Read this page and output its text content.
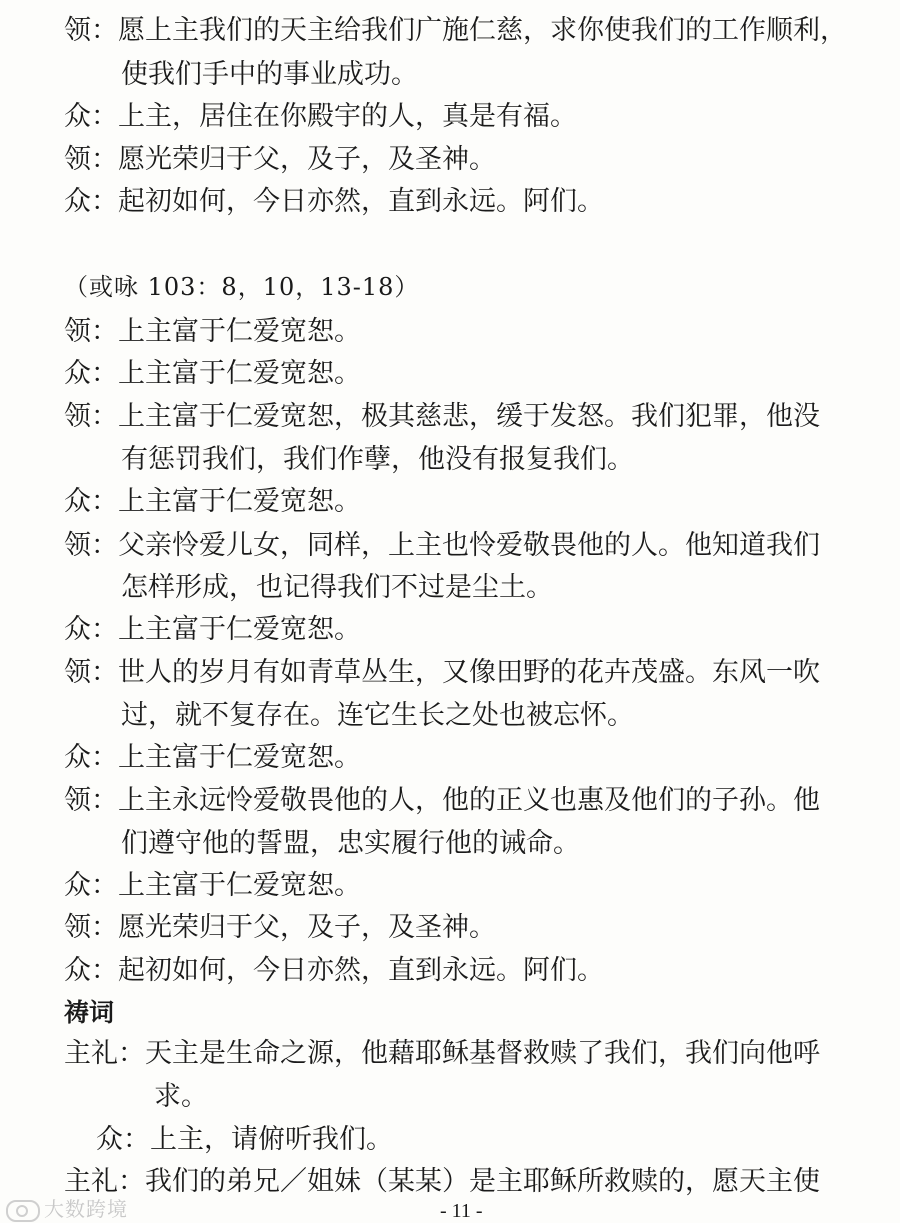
领：愿上主我们的天主给我们广施仁慈，求你使我们的工作顺利，
使我们手中的事业成功。
众：上主，居住在你殿宇的人，真是有福。
领：愿光荣归于父，及子，及圣神。
众：起初如何，今日亦然，直到永远。阿们。
（或咏 103：8，10，13-18）
领：上主富于仁爱宽恕。
众：上主富于仁爱宽恕。
领：上主富于仁爱宽恕，极其慈悲，缓于发怒。我们犯罪，他没
有惩罚我们，我们作孽，他没有报复我们。
众：上主富于仁爱宽恕。
领：父亲怜爱儿女，同样，上主也怜爱敬畏他的人。他知道我们
怎样形成，也记得我们不过是尘土。
众：上主富于仁爱宽恕。
领：世人的岁月有如青草丛生，又像田野的花卉茂盛。东风一吹
过，就不复存在。连它生长之处也被忘怀。
众：上主富于仁爱宽恕。
领：上主永远怜爱敬畏他的人，他的正义也惠及他们的子孙。他
们遵守他的誓盟，忠实履行他的诫命。
众：上主富于仁爱宽恕。
领：愿光荣归于父，及子，及圣神。
众：起初如何，今日亦然，直到永远。阿们。
祷词
主礼：天主是生命之源，他藉耶稣基督救赎了我们，我们向他呼
求。
众：上主，请俯听我们。
主礼：我们的弟兄／姐妹（某某）是主耶稣所救赎的，愿天主使
大数跨境	- 11 -
